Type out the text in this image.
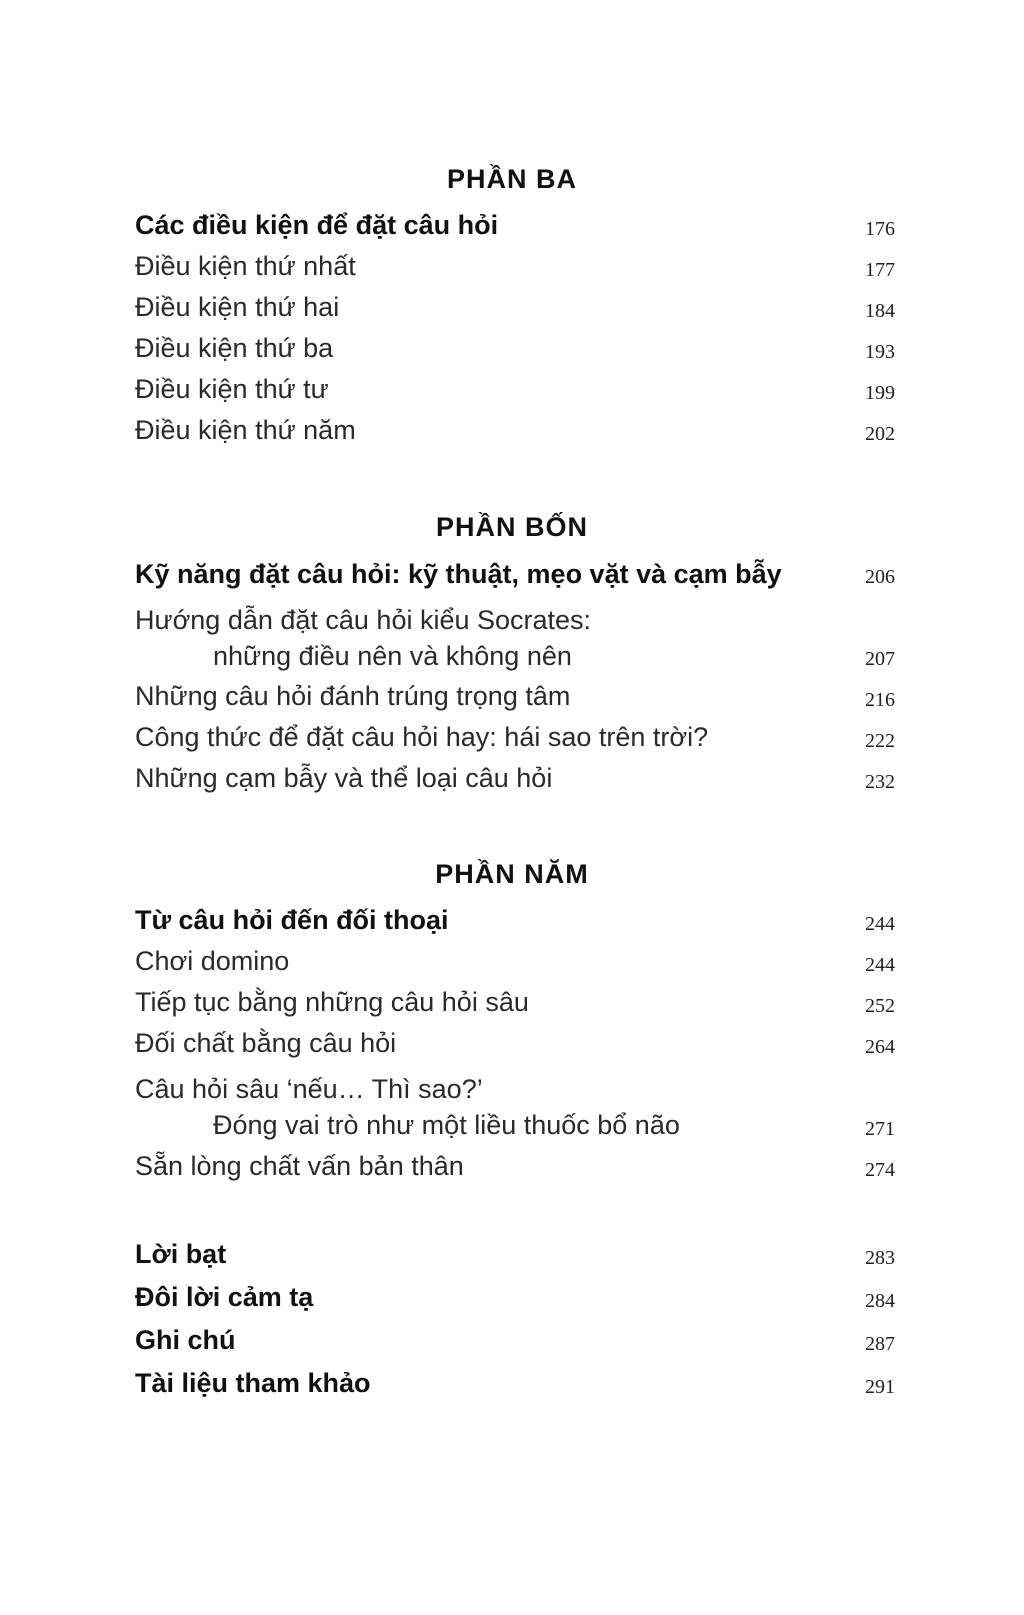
PHẦN BA
Các điều kiện để đặt câu hỏi	176
Điều kiện thứ nhất	177
Điều kiện thứ hai	184
Điều kiện thứ ba	193
Điều kiện thứ tư	199
Điều kiện thứ năm	202
PHẦN BỐN
Kỹ năng đặt câu hỏi: kỹ thuật, mẹo vặt và cạm bẫy	206
Hướng dẫn đặt câu hỏi kiểu Socrates:
những điều nên và không nên	207
Những câu hỏi đánh trúng trọng tâm	216
Công thức để đặt câu hỏi hay: hái sao trên trời?	222
Những cạm bẫy và thể loại câu hỏi	232
PHẦN NĂM
Từ câu hỏi đến đối thoại	244
Chơi domino	244
Tiếp tục bằng những câu hỏi sâu	252
Đối chất bằng câu hỏi	264
Câu hỏi sâu ‘nếu… Thì sao?’
Đóng vai trò như một liều thuốc bổ não	271
Sẵn lòng chất vấn bản thân	274
Lời bạt	283
Đôi lời cảm tạ	284
Ghi chú	287
Tài liệu tham khảo	291
